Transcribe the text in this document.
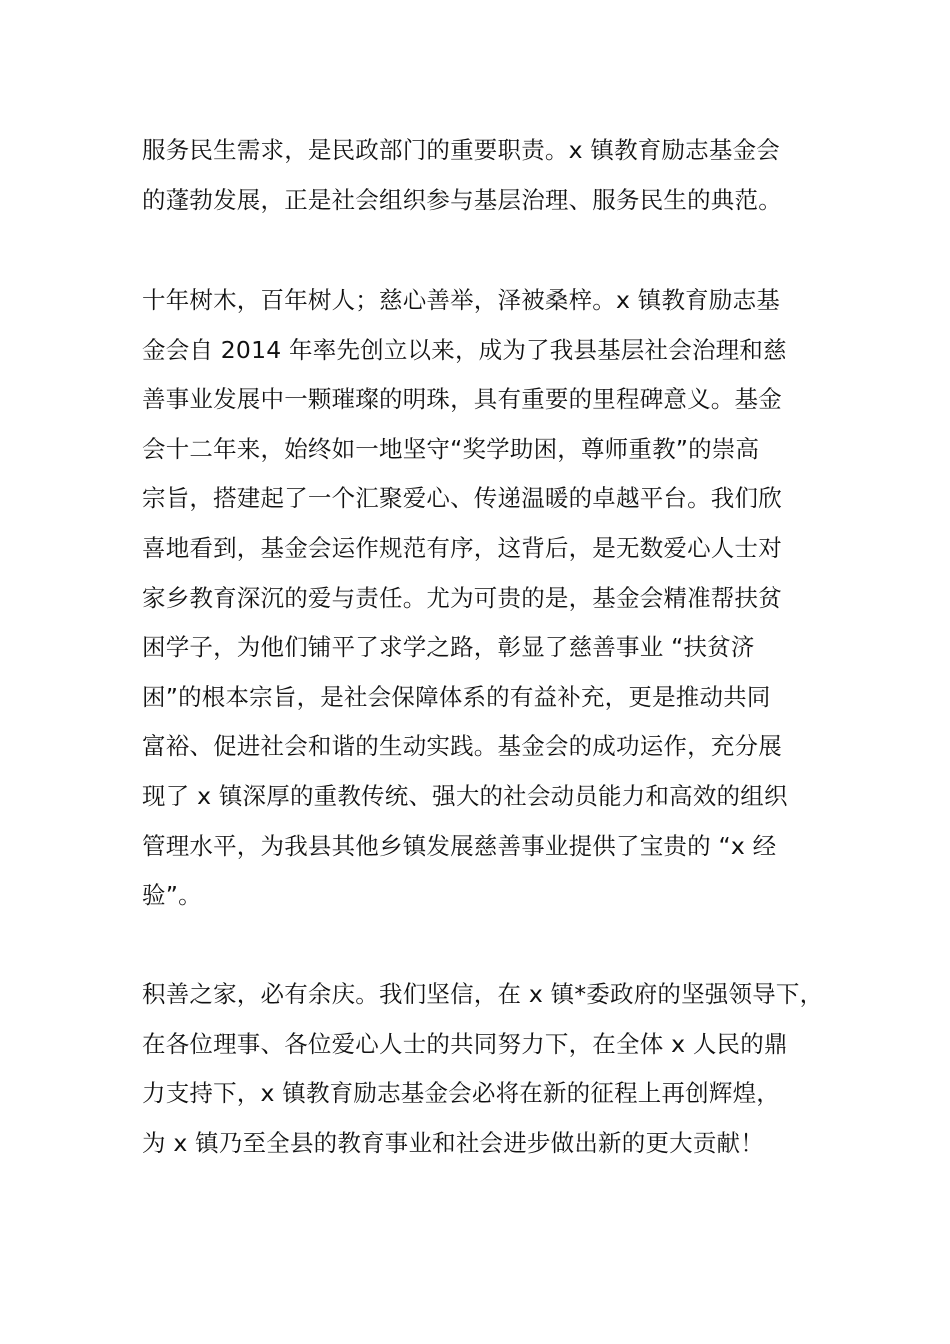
服务民生需求，是民政部门的重要职责。x 镇教育励志基金会
的蓬勃发展，正是社会组织参与基层治理、服务民生的典范。
十年树木，百年树人；慈心善举，泽被桑梓。x 镇教育励志基
金会自 2014 年率先创立以来，成为了我县基层社会治理和慈
善事业发展中一颗璀璨的明珠，具有重要的里程碑意义。基金
会十二年来，始终如一地坚守“奖学助困，尊师重教”的崇高
宗旨，搭建起了一个汇聚爱心、传递温暖的卓越平台。我们欣
喜地看到，基金会运作规范有序，这背后，是无数爱心人士对
家乡教育深沉的爱与责任。尤为可贵的是，基金会精准帮扶贫
困学子，为他们铺平了求学之路，彰显了慈善事业 “扶贫济
困”的根本宗旨，是社会保障体系的有益补充，更是推动共同
富裕、促进社会和谐的生动实践。基金会的成功运作，充分展
现了 x 镇深厚的重教传统、强大的社会动员能力和高效的组织
管理水平，为我县其他乡镇发展慈善事业提供了宝贵的 “x 经
验”。
积善之家，必有余庆。我们坚信，在 x 镇*委政府的坚强领导下，
在各位理事、各位爱心人士的共同努力下，在全体 x 人民的鼎
力支持下，x 镇教育励志基金会必将在新的征程上再创辉煌，
为 x 镇乃至全县的教育事业和社会进步做出新的更大贡献！
